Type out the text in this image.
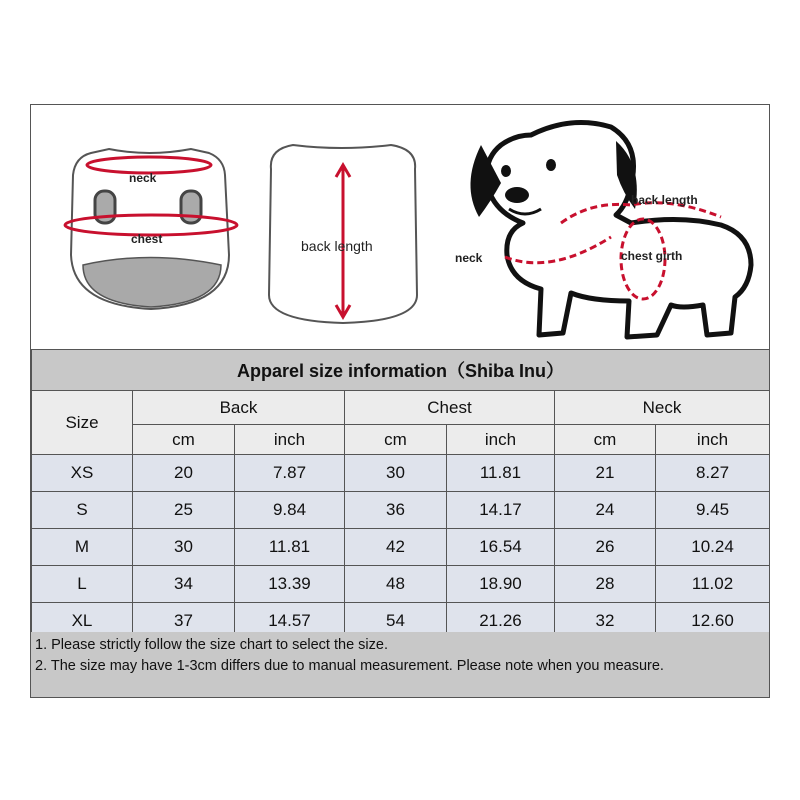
neck
chest	back length
back length
neck	chest girth
Apparel size information（Shiba Inu）						
Size	Back		Chest		Neck	
	cm	inch	cm	inch	cm	inch
XS	20	7.87	30	11.81	21	8.27
S	25	9.84	36	14.17	24	9.45
M	30	11.81	42	16.54	26	10.24
L	34	13.39	48	18.90	28	11.02
XL	37	14.57	54	21.26	32	12.60
1. Please strictly follow the size chart to select the size.
2. The size may have 1-3cm differs due to manual measurement. Please note when you measure.
